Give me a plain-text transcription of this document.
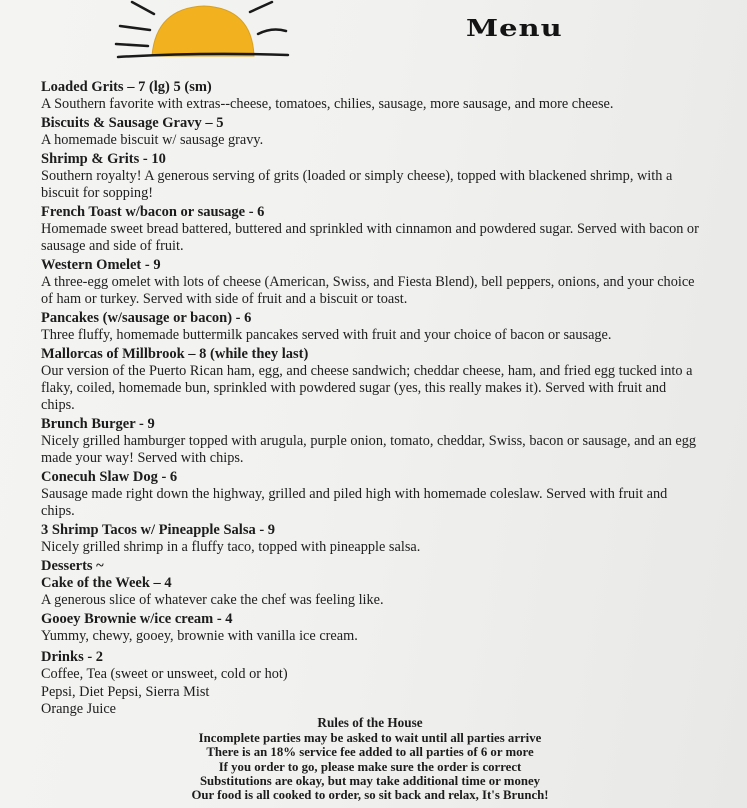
Menu
Loaded Grits – 7 (lg) 5 (sm)
A Southern favorite with extras--cheese, tomatoes, chilies, sausage, more sausage, and more cheese.
Biscuits & Sausage Gravy – 5
A homemade biscuit w/ sausage gravy.
Shrimp & Grits - 10
Southern royalty! A generous serving of grits (loaded or simply cheese), topped with blackened shrimp, with a biscuit for sopping!
French Toast w/bacon or sausage - 6
Homemade sweet bread battered, buttered and sprinkled with cinnamon and powdered sugar. Served with bacon or sausage and side of fruit.
Western Omelet - 9
A three-egg omelet with lots of cheese (American, Swiss, and Fiesta Blend), bell peppers, onions, and your choice of ham or turkey. Served with side of fruit and a biscuit or toast.
Pancakes (w/sausage or bacon) - 6
Three fluffy, homemade buttermilk pancakes served with fruit and your choice of bacon or sausage.
Mallorcas of Millbrook – 8 (while they last)
Our version of the Puerto Rican ham, egg, and cheese sandwich; cheddar cheese, ham, and fried egg tucked into a flaky, coiled, homemade bun, sprinkled with powdered sugar (yes, this really makes it). Served with fruit and chips.
Brunch Burger - 9
Nicely grilled hamburger topped with arugula, purple onion, tomato, cheddar, Swiss, bacon or sausage, and an egg made your way! Served with chips.
Conecuh Slaw Dog - 6
Sausage made right down the highway, grilled and piled high with homemade coleslaw. Served with fruit and chips.
3 Shrimp Tacos w/ Pineapple Salsa - 9
Nicely grilled shrimp in a fluffy taco, topped with pineapple salsa.
Desserts ~
Cake of the Week – 4
A generous slice of whatever cake the chef was feeling like.
Gooey Brownie w/ice cream - 4
Yummy, chewy, gooey, brownie with vanilla ice cream.
Drinks - 2
Coffee, Tea (sweet or unsweet, cold or hot)
Pepsi, Diet Pepsi, Sierra Mist
Orange Juice
Rules of the House
Incomplete parties may be asked to wait until all parties arrive
There is an 18% service fee added to all parties of 6 or more
If you order to go, please make sure the order is correct
Substitutions are okay, but may take additional time or money
Our food is all cooked to order, so sit back and relax, It's Brunch!
